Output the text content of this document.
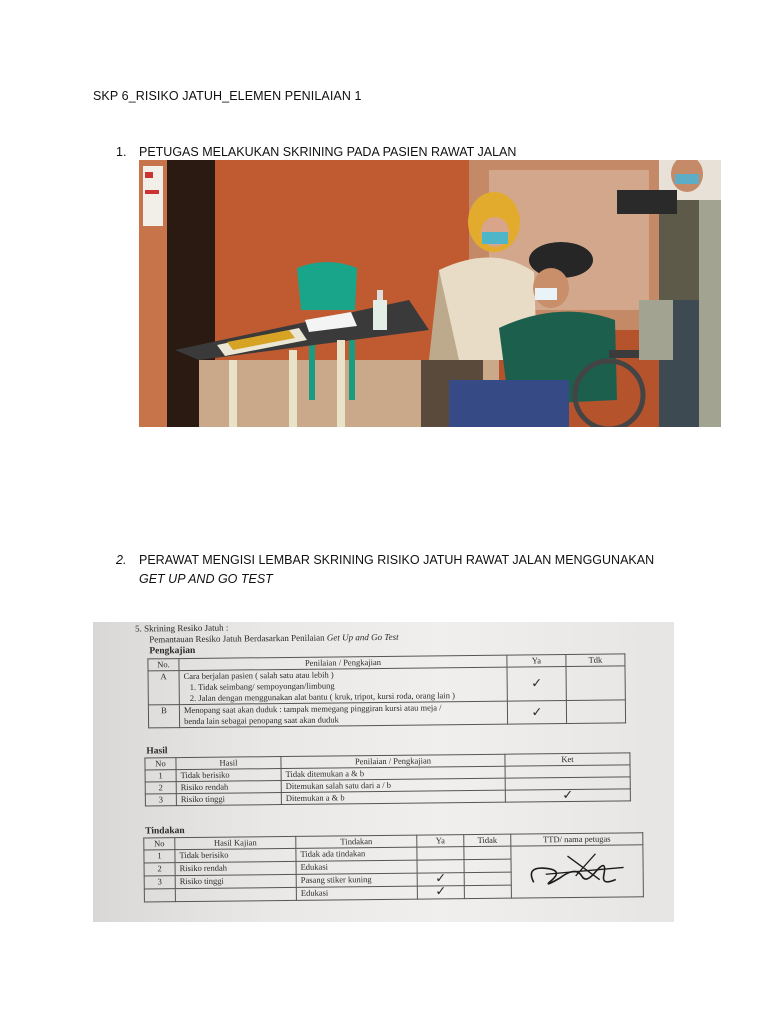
SKP 6_RISIKO JATUH_ELEMEN PENILAIAN 1
1.	PETUGAS MELAKUKAN SKRINING PADA PASIEN RAWAT JALAN
2.	PERAWAT MENGISI LEMBAR SKRINING RISIKO JATUH RAWAT JALAN MENGGUNAKAN GET UP AND GO TEST
5. Skrining Resiko Jatuh :
Pemantauan Resiko Jatuh Berdasarkan Penilaian Get Up and Go Test
Pengkajian
No.	Penilaian / Pengkajian	Ya	Tdk
A	Cara berjalan pasien ( salah satu atau lebih )
1. Tidak seimbang/ sempoyongan/limbung
2. Jalan dengan menggunakan alat bantu ( kruk, tripot, kursi roda, orang lain )	✓	
B	Menopang saat akan duduk : tampak memegang pinggiran kursi atau meja /
benda lain sebagai penopang saat akan duduk	✓	
Hasil
No	Hasil	Penilaian / Pengkajian	Ket
1	Tidak berisiko	Tidak ditemukan a & b	
2	Risiko rendah	Ditemukan salah satu dari a / b	
3	Risiko tinggi	Ditemukan a & b	✓
Tindakan
No	Hasil Kajian	Tindakan	Ya	Tidak	TTD/ nama petugas
1	Tidak berisiko	Tidak ada tindakan			
2	Risiko rendah	Edukasi			
3	Risiko tinggi	Pasang stiker kuning	✓		
		Edukasi	✓		
